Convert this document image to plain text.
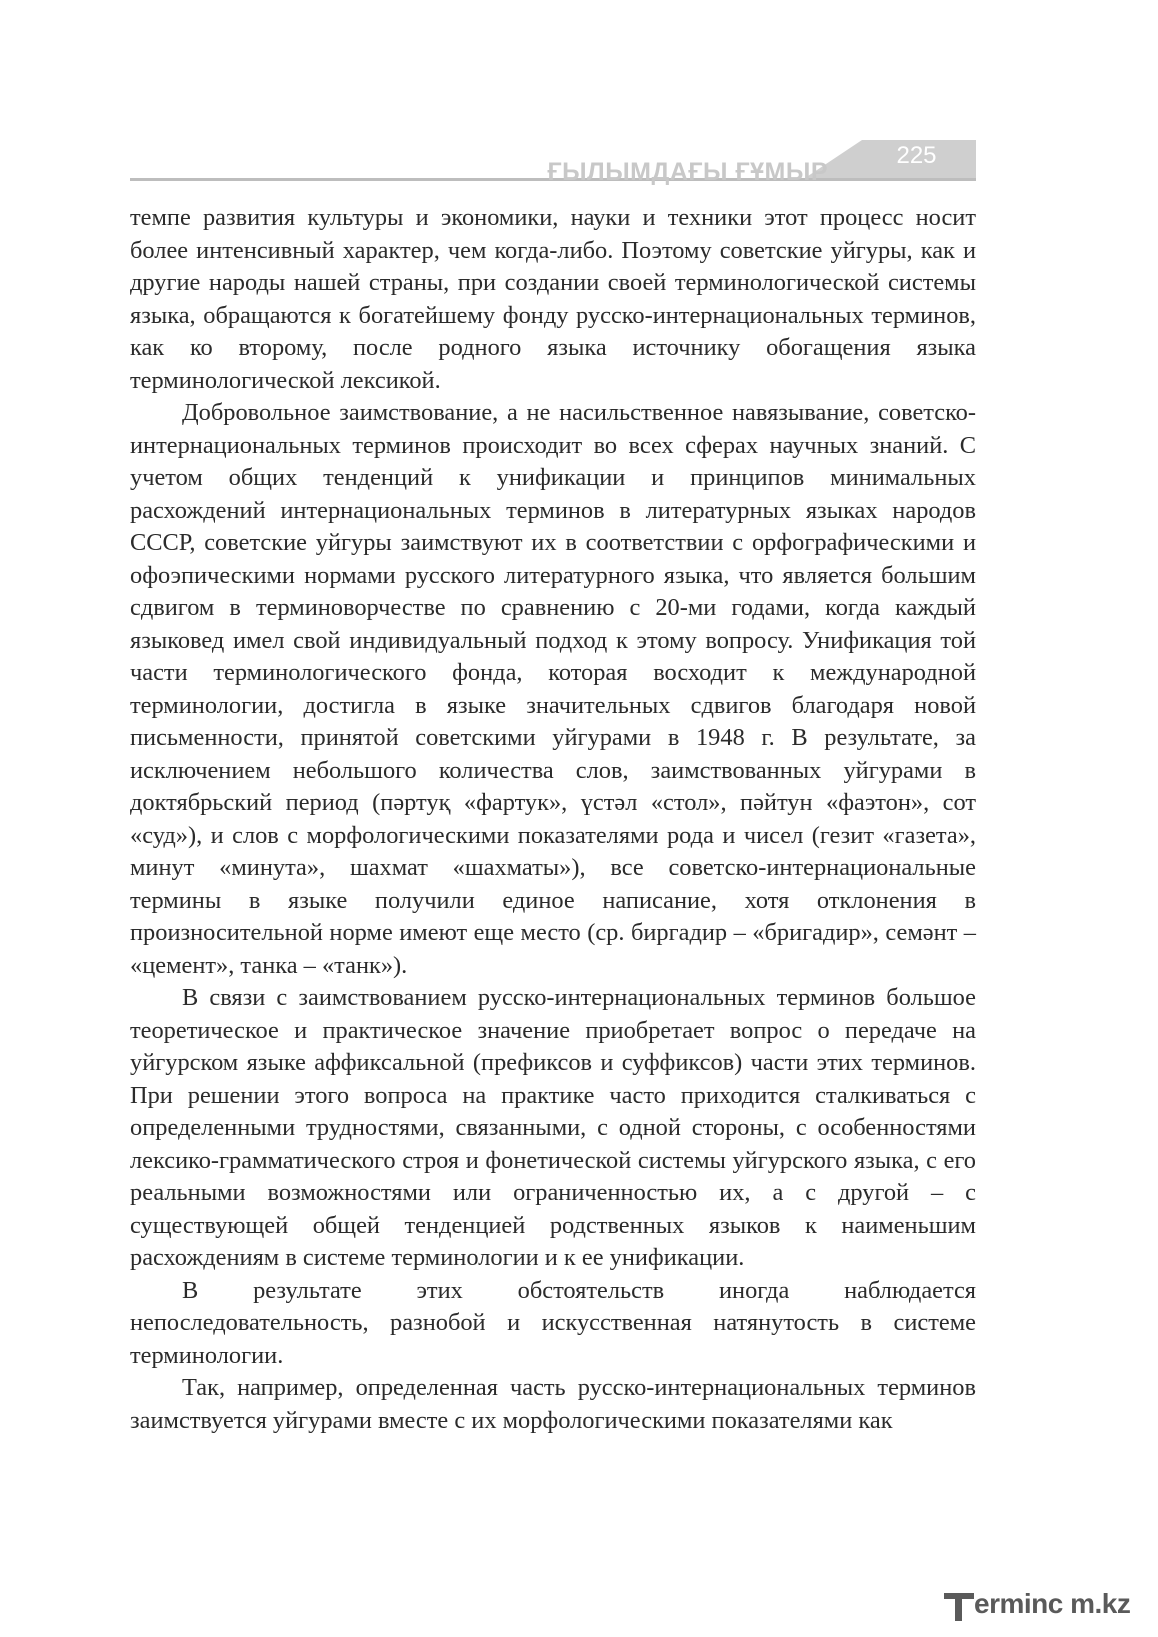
ҒЫЛЫМДАҒЫ ҒҰМЫР
225

темпе развития культуры и экономики, науки и техники этот процесс носит более интенсивный характер, чем когда-либо. Поэтому советские уйгуры, как и другие народы нашей страны, при создании своей терминологической системы языка, обращаются к богатейшему фонду русско-интернациональных терминов, как ко второму, после родного языка источнику обогащения языка терминологической лексикой.

Добровольное заимствование, а не насильственное навязывание, советско-интернациональных терминов происходит во всех сферах научных знаний. С учетом общих тенденций к унификации и принципов минимальных расхождений интернациональных терминов в литературных языках народов СССР, советские уйгуры заимствуют их в соответствии с орфографическими и офоэпическими нормами русского литературного языка, что является большим сдвигом в терминоворчестве по сравнению с 20-ми годами, когда каждый языковед имел свой индивидуальный подход к этому вопросу. Унификация той части терминологического фонда, которая восходит к международной терминологии, достигла в языке значительных сдвигов благодаря новой письменности, принятой советскими уйгурами в 1948 г. В результате, за исключением небольшого количества слов, заимствованных уйгурами в доктябрьский период (пәртуқ «фартук», үстәл «стол», пәйтун «фаэтон», сот «суд»), и слов с морфологическими показателями рода и чисел (гезит «газета», минут «минута», шахмат «шахматы»), все советско-интернациональные термины в языке получили единое написание, хотя отклонения в произносительной норме имеют еще место (ср. биргадир – «бригадир», семәнт – «цемент», танка – «танк»).

В связи с заимствованием русско-интернациональных терминов большое теоретическое и практическое значение приобретает вопрос о передаче на уйгурском языке аффиксальной (префиксов и суффиксов) части этих терминов. При решении этого вопроса на практике часто приходится сталкиваться с определенными трудностями, связанными, с одной стороны, с особенностями лексико-грамматического строя и фонетической системы уйгурского языка, с его реальными возможностями или ограниченностью их, а с другой – с существующей общей тенденцией родственных языков к наименьшим расхождениям в системе терминологии и к ее унификации.

В результате этих обстоятельств иногда наблюдается непоследовательность, разнобой и искусственная натянутость в системе терминологии.

Так, например, определенная часть русско-интернациональных терминов заимствуется уйгурами вместе с их морфологическими показателями как

erminc m.kz
